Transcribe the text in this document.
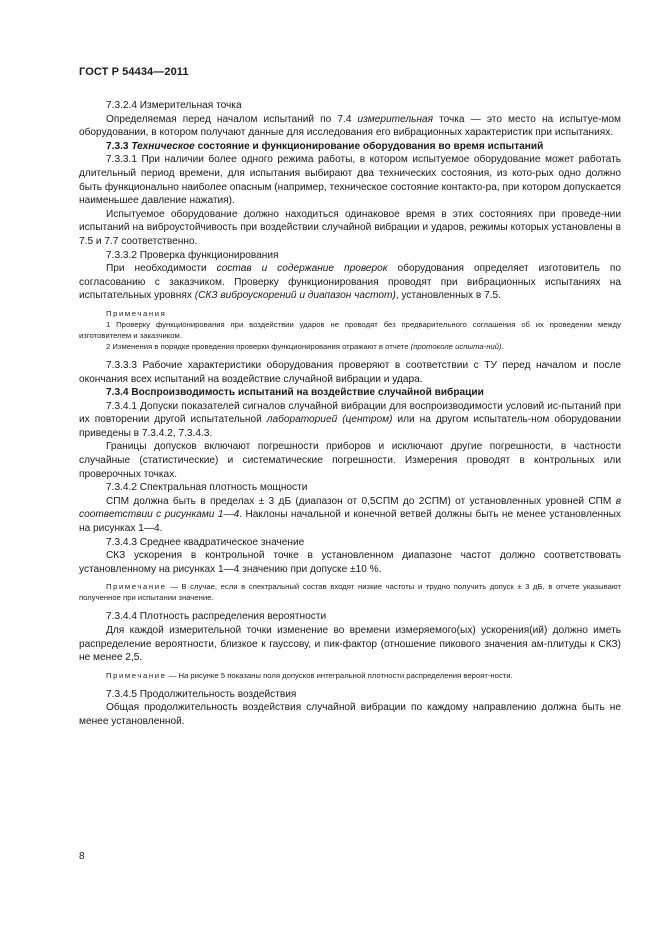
ГОСТ Р 54434—2011

7.3.2.4 Измерительная точка

Определяемая перед началом испытаний по 7.4 измерительная точка — это место на испытуе-мом оборудовании, в котором получают данные для исследования его вибрационных характеристик при испытаниях.

7.3.3 Техническое состояние и функционирование оборудования во время испытаний

7.3.3.1 При наличии более одного режима работы, в котором испытуемое оборудование может работать длительный период времени, для испытания выбирают два технических состояния, из кото-рых одно должно быть функционально наиболее опасным (например, техническое состояние контакто-ра, при котором допускается наименьшее давление нажатия).

Испытуемое оборудование должно находиться одинаковое время в этих состояниях при проведе-нии испытаний на виброустойчивость при воздействии случайной вибрации и ударов, режимы которых установлены в 7.5 и 7.7 соответственно.

7.3.3.2 Проверка функционирования

При необходимости состав и содержание проверок оборудования определяет изготовитель по согласованию с заказчиком. Проверку функционирования проводят при вибрационных испытаниях на испытательных уровнях (СКЗ виброускорений и диапазон частот), установленных в 7.5.

Примечания

1 Проверку функционирования при воздействии ударов не проводят без предварительного соглашения об их проведении между изготовителем и заказчиком.

2 Изменения в порядке проведения проверки функционирования отражают в отчете (протоколе испыта-ний).

7.3.3.3 Рабочие характеристики оборудования проверяют в соответствии с ТУ перед началом и после окончания всех испытаний на воздействие случайной вибрации и удара.

7.3.4 Воспроизводимость испытаний на воздействие случайной вибрации

7.3.4.1 Допуски показателей сигналов случайной вибрации для воспроизводимости условий ис-пытаний при их повторении другой испытательной лабораторией (центром) или на другом испытатель-ном оборудовании приведены в 7.3.4.2, 7.3.4.3.

Границы допусков включают погрешности приборов и исключают другие погрешности, в частности случайные (статистические) и систематические погрешности. Измерения проводят в контрольных или проверочных точках.

7.3.4.2 Спектральная плотность мощности

СПМ должна быть в пределах ± 3 дБ (диапазон от 0,5СПМ до 2СПМ) от установленных уровней СПМ в соответствии с рисунками 1—4. Наклоны начальной и конечной ветвей должны быть не менее установленных на рисунках 1—4.

7.3.4.3 Среднее квадратическое значение

СКЗ ускорения в контрольной точке в установленном диапазоне частот должно соответствовать установленному на рисунках 1—4 значению при допуске ±10 %.

Примечание — В случае, если в спектральный состав входят низкие частоты и трудно получить допуск ± 3 дБ, в отчете указывают полученное при испытании значение.

7.3.4.4 Плотность распределения вероятности

Для каждой измерительной точки изменение во времени измеряемого(ых) ускорения(ий) должно иметь распределение вероятности, близкое к гауссову, и пик-фактор (отношение пикового значения ам-плитуды к СКЗ) не менее 2,5.

Примечание — На рисунке 5 показаны поля допусков интегральной плотности распределения вероят-ности.

7.3.4.5 Продолжительность воздействия

Общая продолжительность воздействия случайной вибрации по каждому направлению должна быть не менее установленной.

8
